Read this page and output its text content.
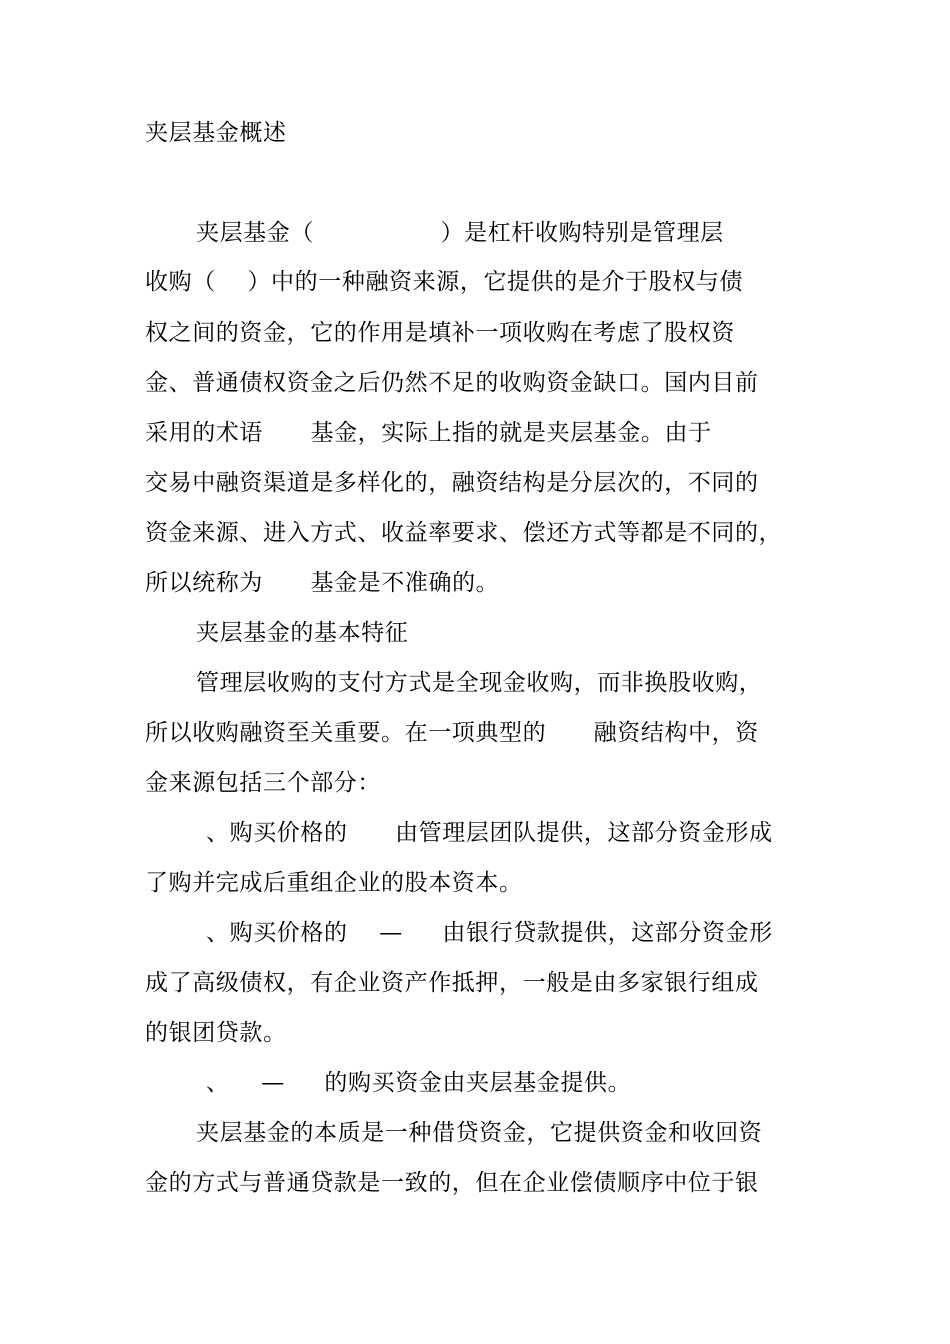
夹层基金概述
夹层基金（                ）是杠杆收购特别是管理层
收购（    ）中的一种融资来源，它提供的是介于股权与债
权之间的资金，它的作用是填补一项收购在考虑了股权资
金、普通债权资金之后仍然不足的收购资金缺口。国内目前
采用的术语      基金，实际上指的就是夹层基金。由于
交易中融资渠道是多样化的，融资结构是分层次的，不同的
资金来源、进入方式、收益率要求、偿还方式等都是不同的，
所以统称为      基金是不准确的。
夹层基金的基本特征
管理层收购的支付方式是全现金收购，而非换股收购，
所以收购融资至关重要。在一项典型的      融资结构中，资
金来源包括三个部分：
、购买价格的      由管理层团队提供，这部分资金形成
了购并完成后重组企业的股本资本。
、购买价格的    —     由银行贷款提供，这部分资金形
成了高级债权，有企业资产作抵押，一般是由多家银行组成
的银团贷款。
、    —     的购买资金由夹层基金提供。
夹层基金的本质是一种借贷资金，它提供资金和收回资
金的方式与普通贷款是一致的，但在企业偿债顺序中位于银
